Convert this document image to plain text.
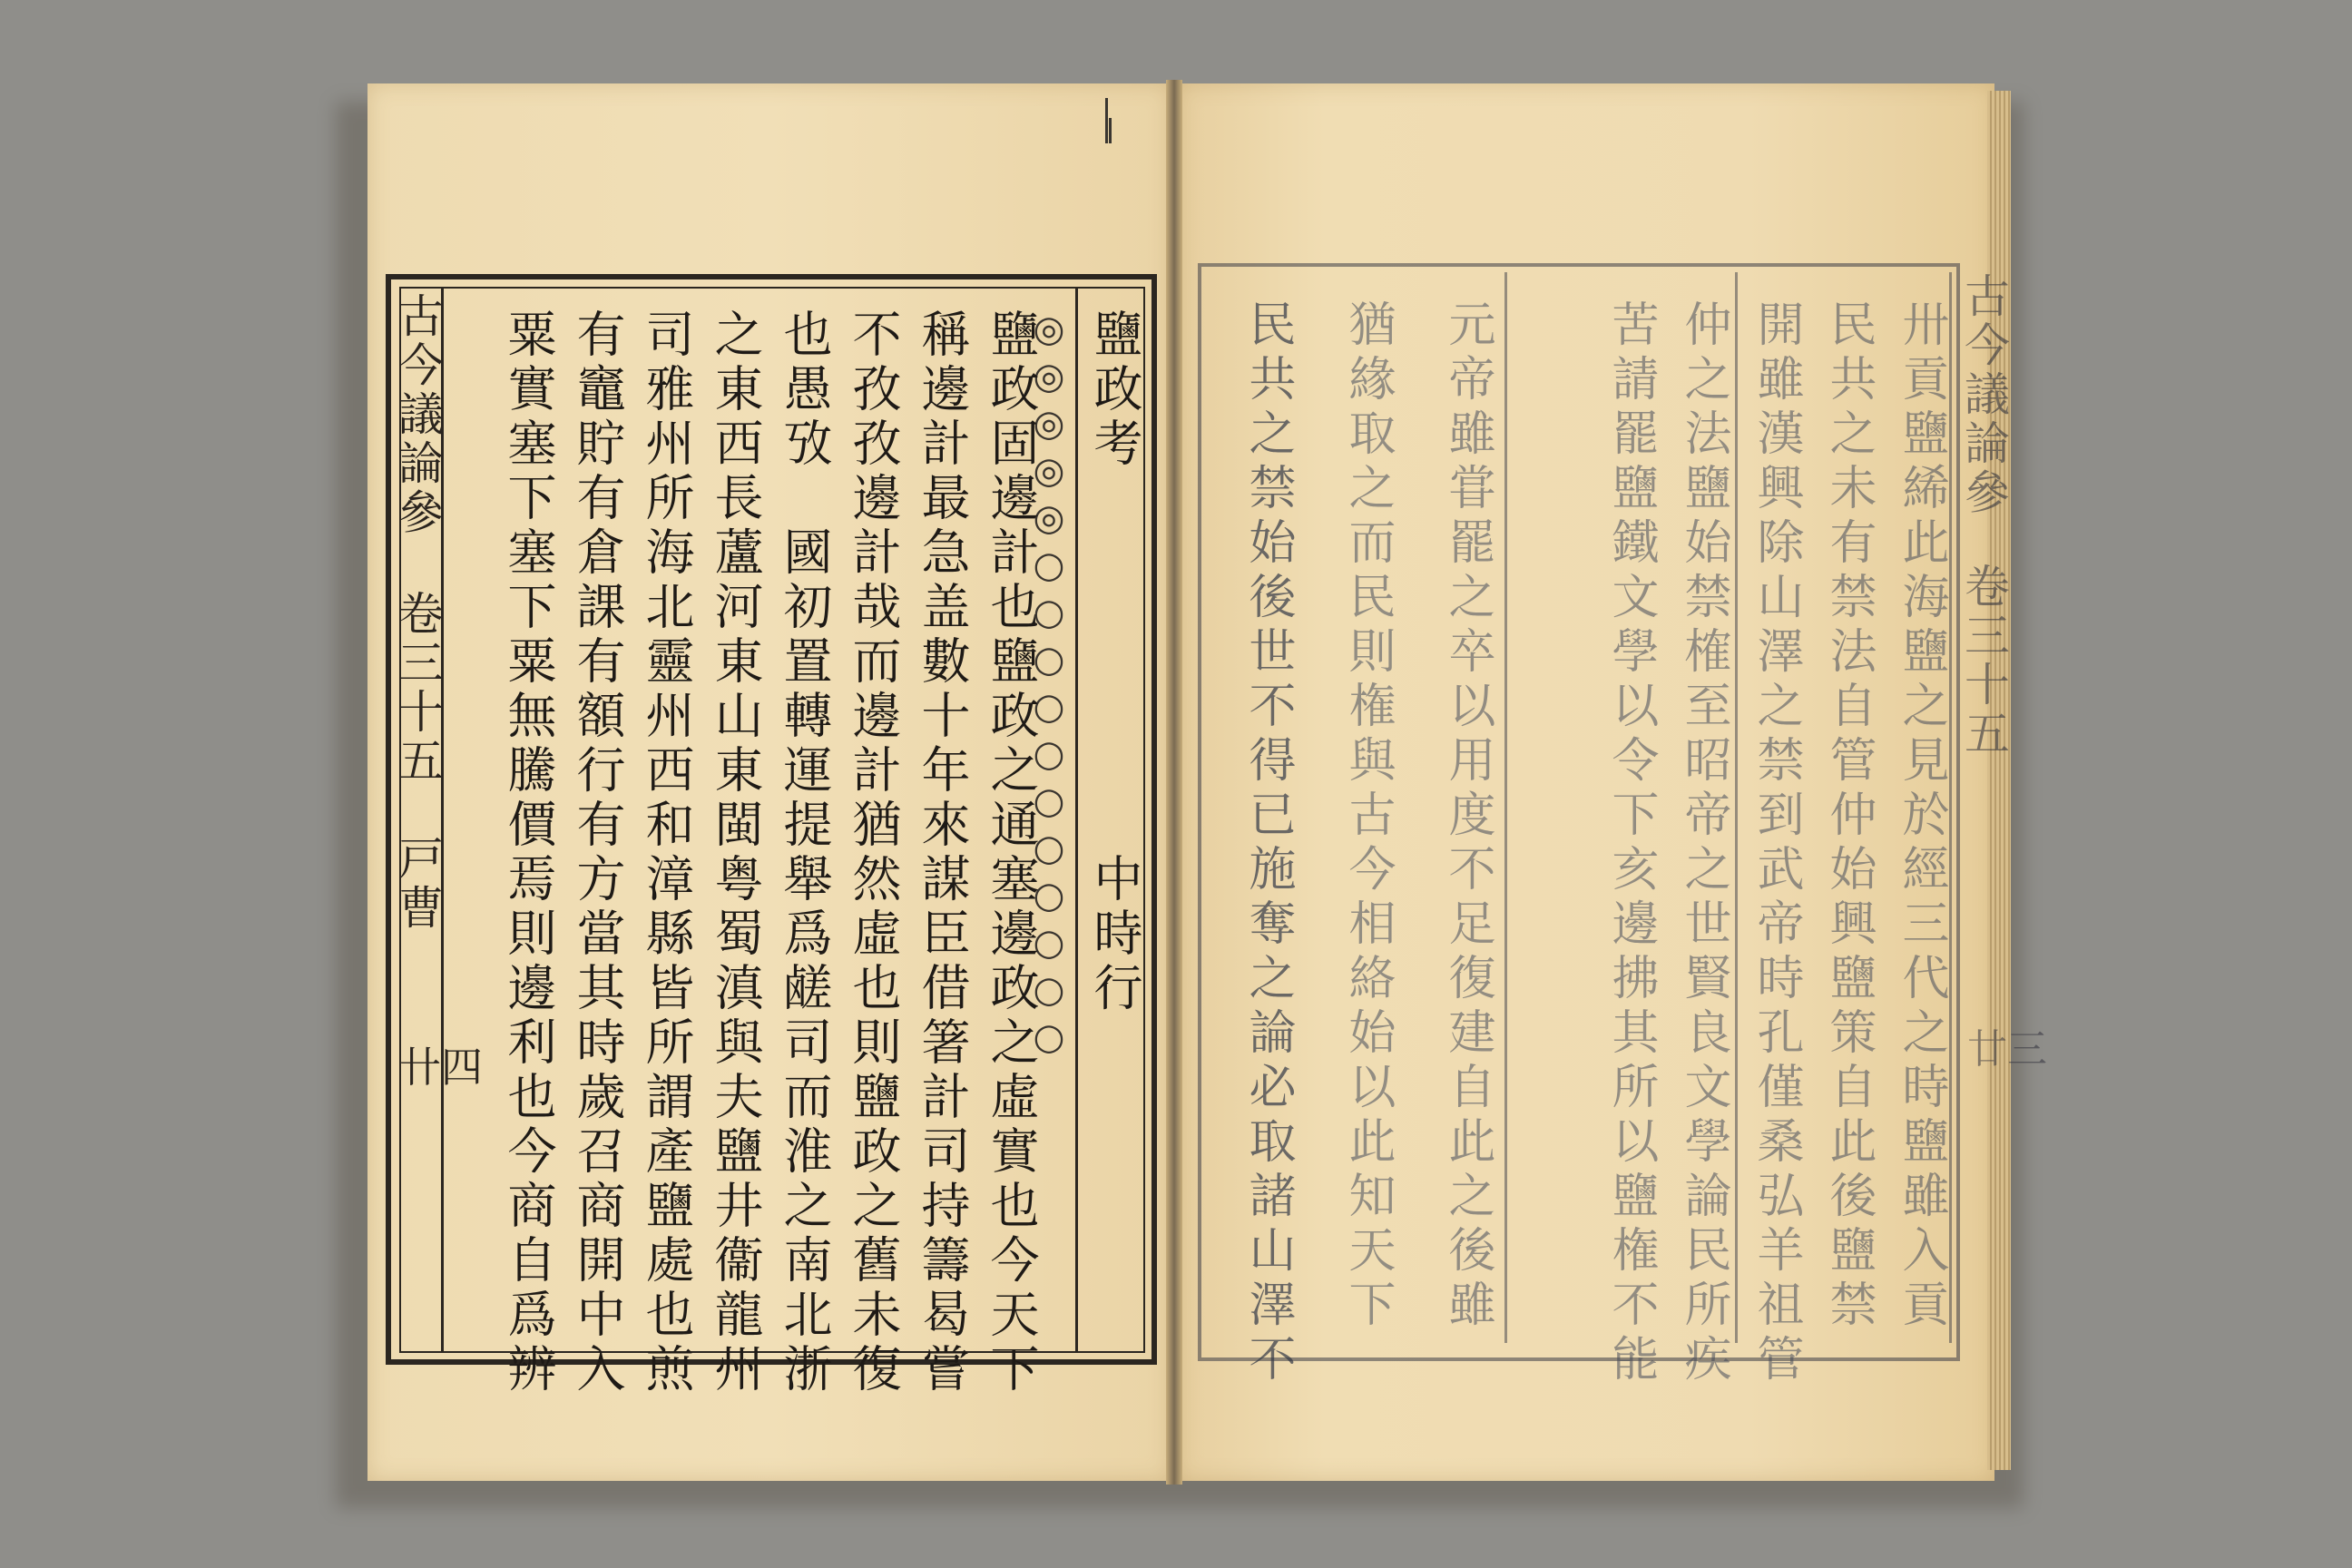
古今議論參
卷三十五
戸曹
卄四
鹽政考　　　　　　　中時行
◎◎◎◎◎○○○○○○○○○○○
鹽政固邊計也鹽政之通塞邊政之虛實也今天下
稱邊計最急盖數十年來謀臣借箸計司持籌曷嘗
不孜孜邊計哉而邊計猶然虛也則鹽政之舊未復
也愚攷　國初置轉運提舉爲鹾司而淮之南北浙
之東西長蘆河東山東閩粤蜀滇與夫鹽井衞龍州
司雅州所海北靈州西和漳縣皆所謂產鹽處也煎
有竈貯有倉課有額行有方當其時歲召商開中入
粟實塞下塞下粟無騰價焉則邊利也今商自爲辨	古今議論參
卷三十五
廿三
卅貢鹽絺此海鹽之見於經三代之時鹽雖入貢
民共之未有禁法自管仲始興鹽策自此後鹽禁
開雖漢興除山澤之禁到武帝時孔僅桑弘羊祖管
仲之法鹽始禁榷至昭帝之世賢良文學論民所疾
苦請罷鹽鐵文學以令下亥邊拂其所以鹽権不能
元帝雖甞罷之卒以用度不足復建自此之後雖
猶緣取之而民則権與古今相絡始以此知天下
民共之禁始後世不得已施奪之論必取諸山澤不
